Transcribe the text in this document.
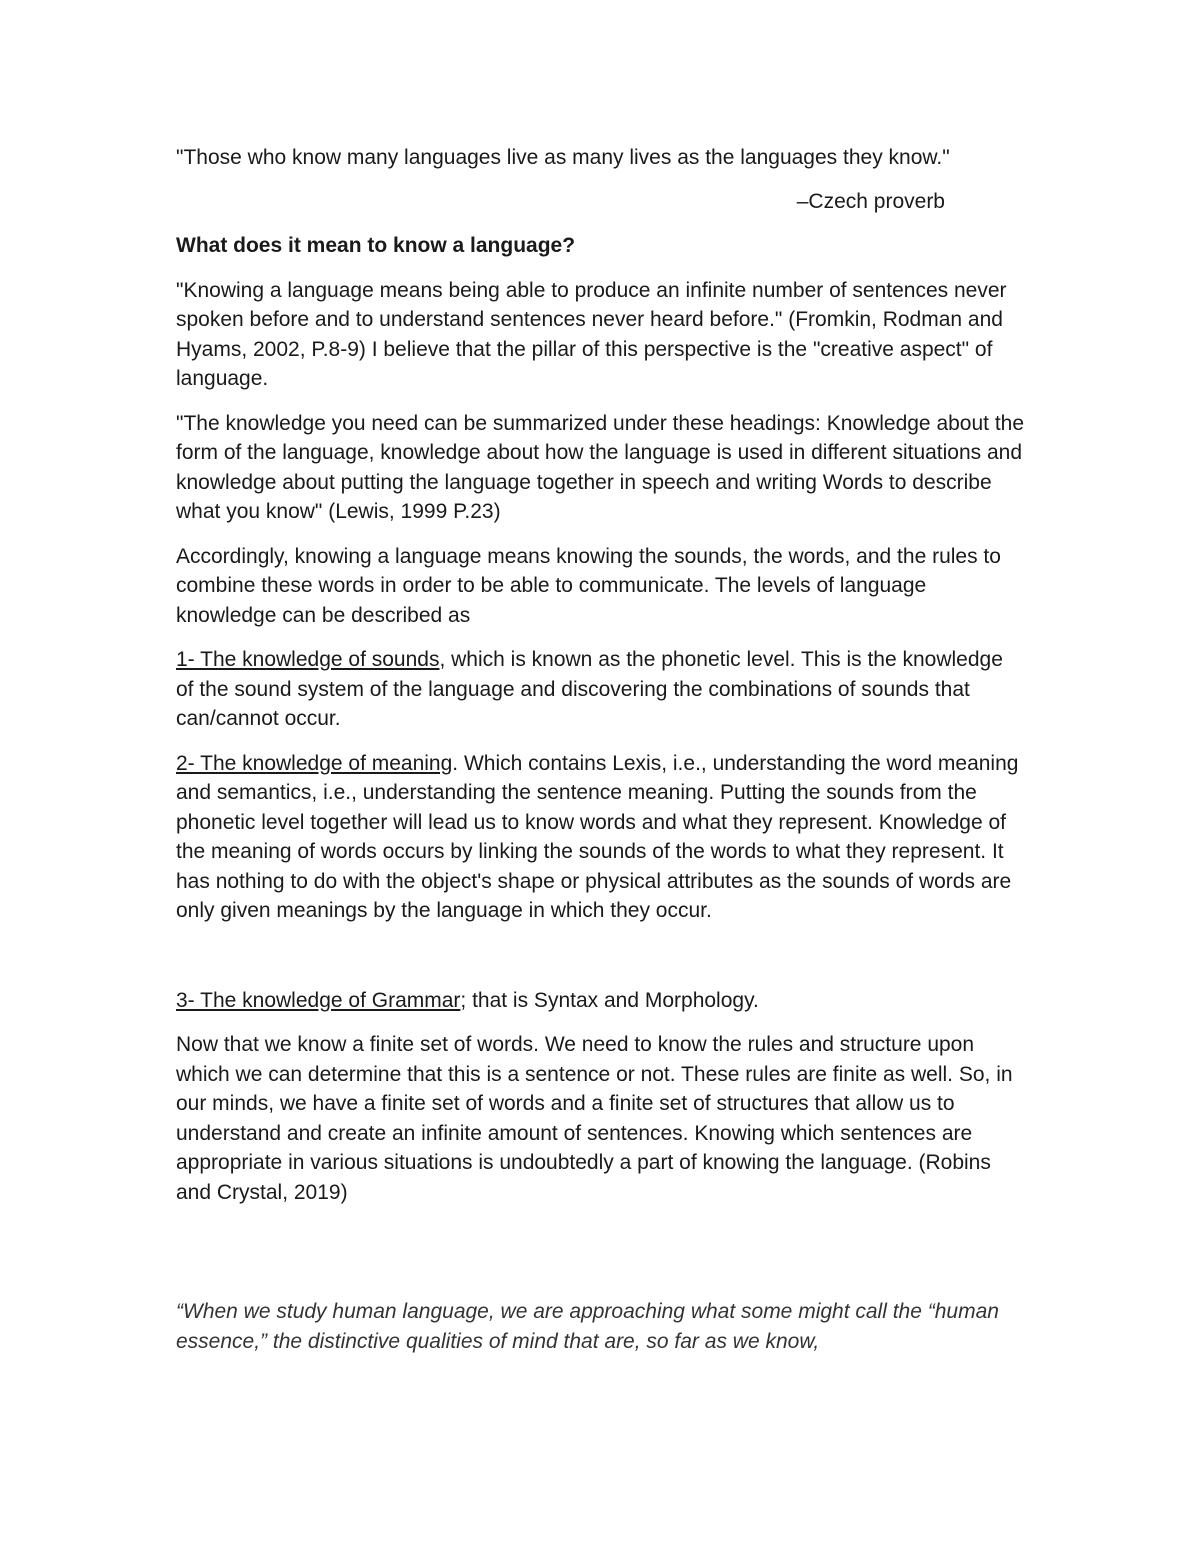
"Those who know many languages live as many lives as the languages they know."

–Czech proverb

What does it mean to know a language?

"Knowing a language means being able to produce an infinite number of sentences never spoken before and to understand sentences never heard before." (Fromkin, Rodman and Hyams, 2002, P.8-9) I believe that the pillar of this perspective is the "creative aspect" of language.

"The knowledge you need can be summarized under these headings: Knowledge about the form of the language, knowledge about how the language is used in different situations and knowledge about putting the language together in speech and writing Words to describe what you know" (Lewis, 1999 P.23)

Accordingly, knowing a language means knowing the sounds, the words, and the rules to combine these words in order to be able to communicate. The levels of language knowledge can be described as

1- The knowledge of sounds, which is known as the phonetic level. This is the knowledge of the sound system of the language and discovering the combinations of sounds that can/cannot occur.

2- The knowledge of meaning. Which contains Lexis, i.e., understanding the word meaning and semantics, i.e., understanding the sentence meaning. Putting the sounds from the phonetic level together will lead us to know words and what they represent. Knowledge of the meaning of words occurs by linking the sounds of the words to what they represent. It has nothing to do with the object's shape or physical attributes as the sounds of words are only given meanings by the language in which they occur.

3- The knowledge of Grammar; that is Syntax and Morphology.

Now that we know a finite set of words. We need to know the rules and structure upon which we can determine that this is a sentence or not. These rules are finite as well. So, in our minds, we have a finite set of words and a finite set of structures that allow us to understand and create an infinite amount of sentences. Knowing which sentences are appropriate in various situations is undoubtedly a part of knowing the language. (Robins and Crystal, 2019)

“When we study human language, we are approaching what some might call the “human essence,” the distinctive qualities of mind that are, so far as we know,
